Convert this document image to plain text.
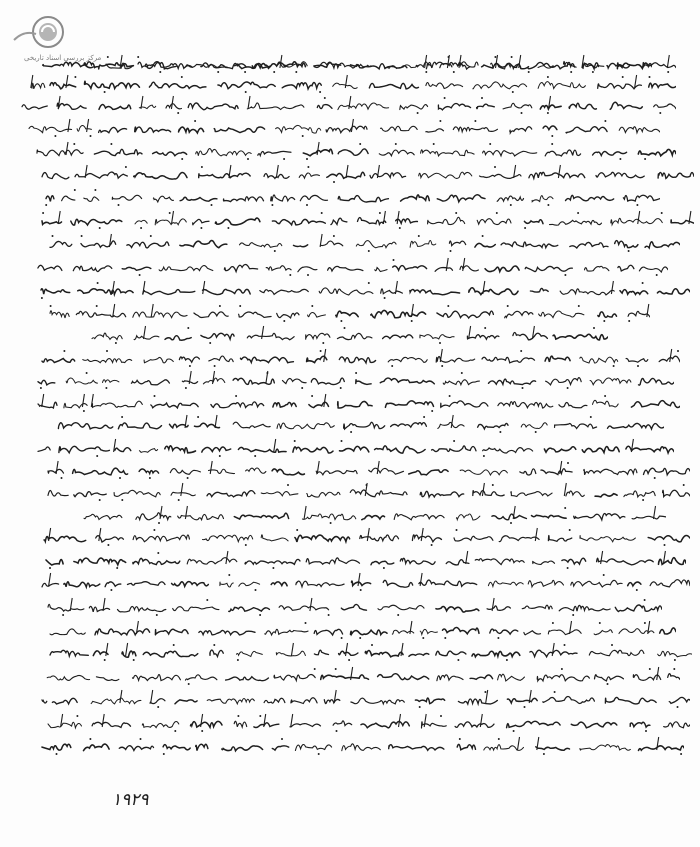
مرکز بررسی اسناد تاریخی
۱۹۲۹
